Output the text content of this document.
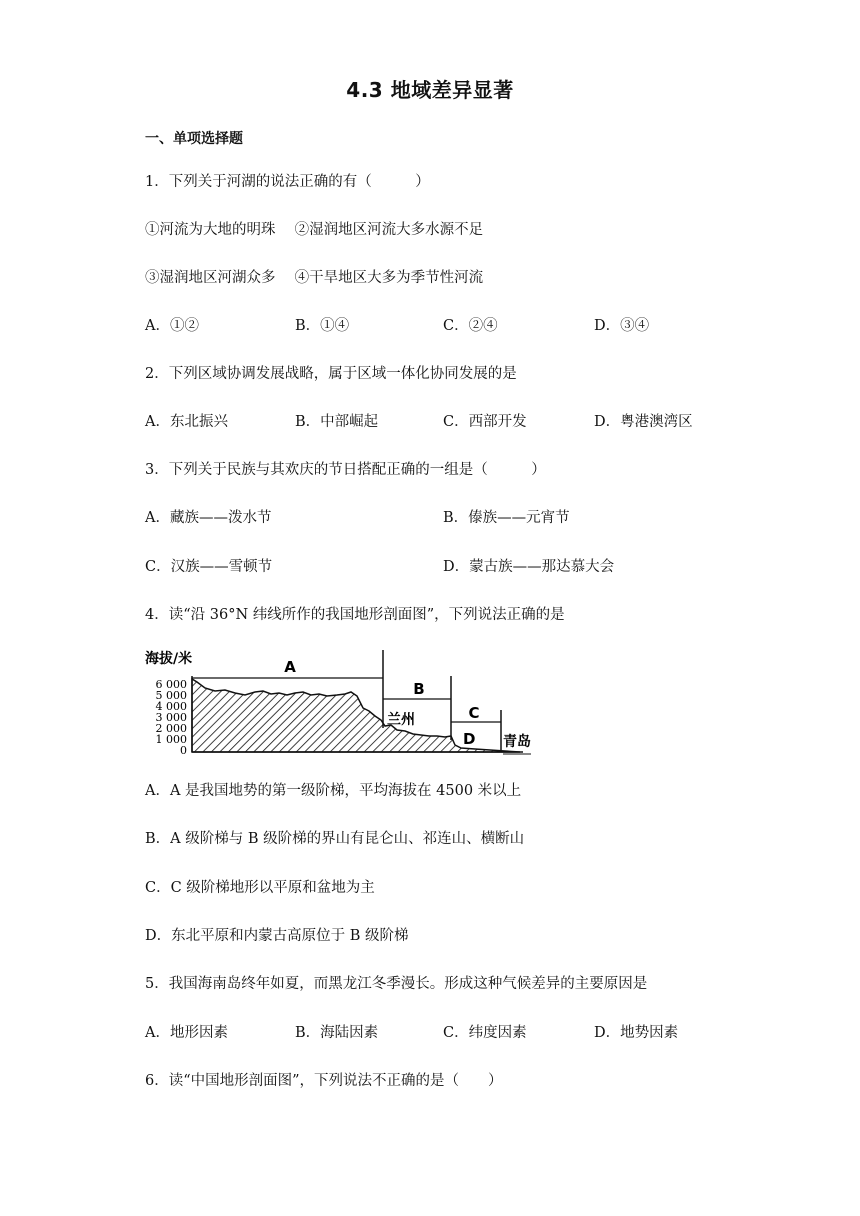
4.3 地域差异显著
一、单项选择题
1．下列关于河湖的说法正确的有（　　　）
①河流为大地的明珠　 ②湿润地区河流大多水源不足
③湿润地区河湖众多　 ④干旱地区大多为季节性河流
A．①②	B．①④	C．②④	D．③④
2．下列区域协调发展战略，属于区域一体化协同发展的是
A．东北振兴	B．中部崛起	C．西部开发	D．粤港澳湾区
3．下列关于民族与其欢庆的节日搭配正确的一组是（　　　）
A．藏族——泼水节	B．傣族——元宵节
C．汉族——雪顿节	D．蒙古族——那达慕大会
4．读“沿 36°N 纬线所作的我国地形剖面图”，下列说法正确的是
海拔/米
6 000
5 000
4 000
3 000
2 000
1 000
0
A
B
兰州	C
D 青岛
A．A 是我国地势的第一级阶梯，平均海拔在 4500 米以上
B．A 级阶梯与 B 级阶梯的界山有昆仑山、祁连山、横断山
C．C 级阶梯地形以平原和盆地为主
D．东北平原和内蒙古高原位于 B 级阶梯
5．我国海南岛终年如夏，而黑龙江冬季漫长。形成这种气候差异的主要原因是
A．地形因素	B．海陆因素	C．纬度因素	D．地势因素
6．读“中国地形剖面图”，下列说法不正确的是（　　）
